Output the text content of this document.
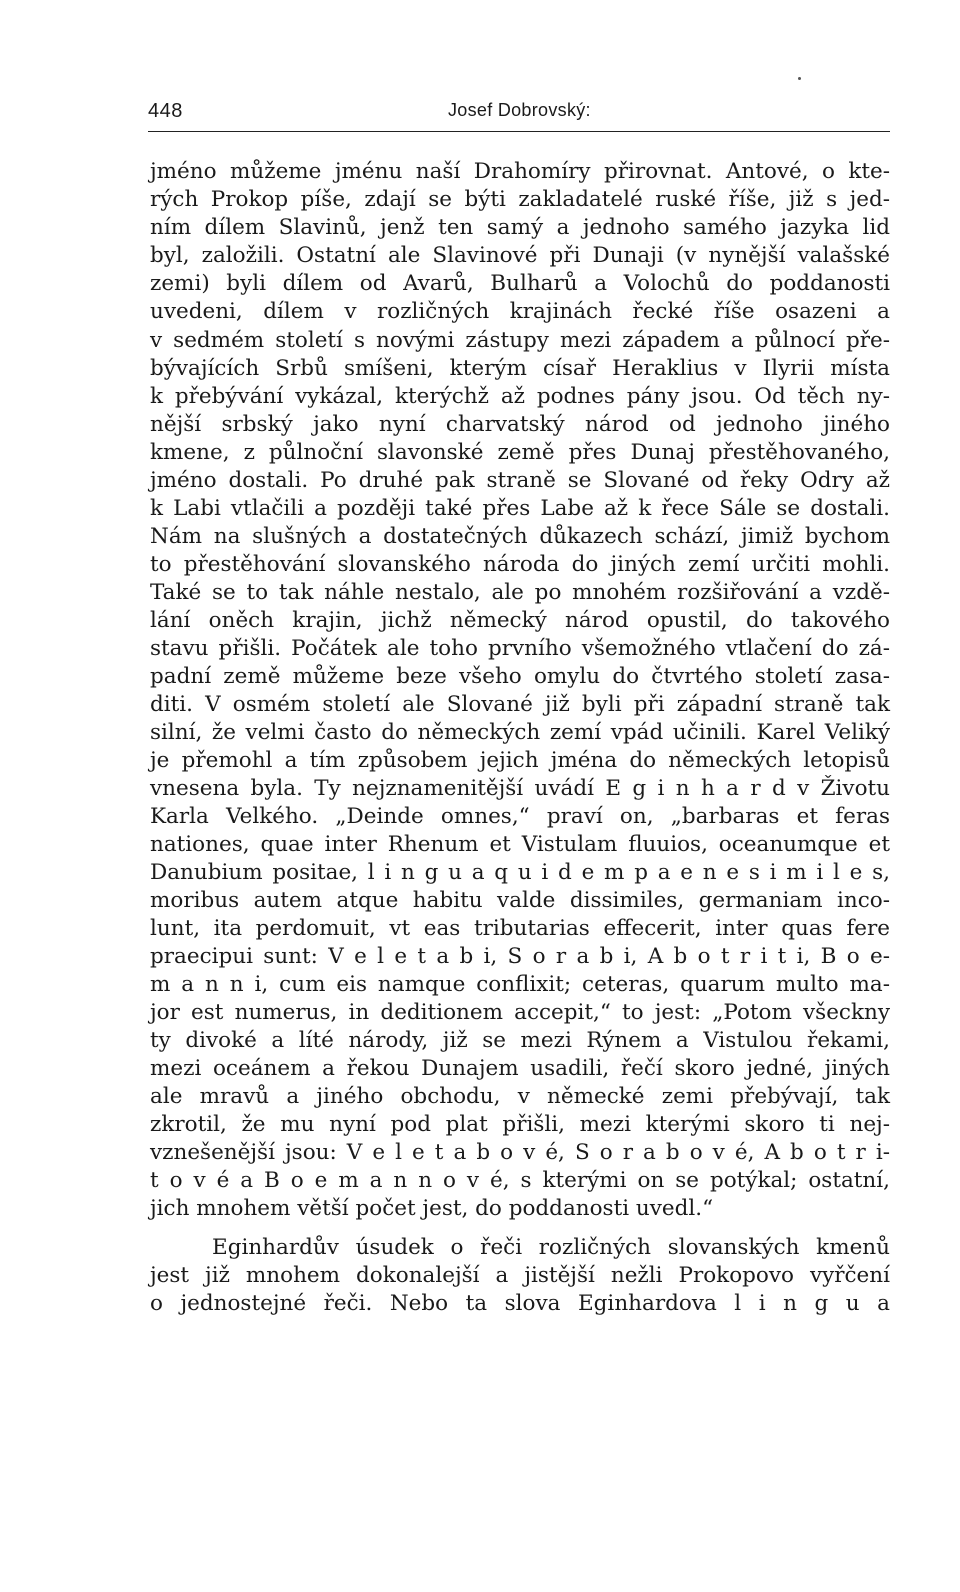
448	Josef Dobrovský:
jméno můžeme jménu naší Drahomíry přirovnat. Antové, o kte-
rých Prokop píše, zdají se býti zakladatelé ruské říše, již s jed-
ním dílem Slavinů, jenž ten samý a jednoho samého jazyka lid
byl, založili. Ostatní ale Slavinové při Dunaji (v nynější valašské
zemi) byli dílem od Avarů, Bulharů a Volochů do poddanosti
uvedeni, dílem v rozličných krajinách řecké říše osazeni a
v sedmém století s novými zástupy mezi západem a půlnocí pře-
bývajících Srbů smíšeni, kterým císař Heraklius v Ilyrii místa
k přebývání vykázal, kterýchž až podnes pány jsou. Od těch ny-
nější srbský jako nyní charvatský národ od jednoho jiného
kmene, z půlnoční slavonské země přes Dunaj přestěhovaného,
jméno dostali. Po druhé pak straně se Slované od řeky Odry až
k Labi vtlačili a později také přes Labe až k řece Sále se dostali.
Nám na slušných a dostatečných důkazech schází, jimiž bychom
to přestěhování slovanského národa do jiných zemí určiti mohli.
Také se to tak náhle nestalo, ale po mnohém rozšiřování a vzdě-
lání oněch krajin, jichž německý národ opustil, do takového
stavu přišli. Počátek ale toho prvního všemožného vtlačení do zá-
padní země můžeme beze všeho omylu do čtvrtého století zasa-
diti. V osmém století ale Slované již byli při západní straně tak
silní, že velmi často do německých zemí vpád učinili. Karel Veliký
je přemohl a tím způsobem jejich jména do německých letopisů
vnesena byla. Ty nejznamenitější uvádí E g i n h a r d v Životu
Karla Velkého. „Deinde omnes,“ praví on, „barbaras et feras
nationes, quae inter Rhenum et Vistulam fluuios, oceanumque et
Danubium positae, l i n g u a q u i d e m p a e n e s i m i l e s,
moribus autem atque habitu valde dissimiles, germaniam inco-
lunt, ita perdomuit, vt eas tributarias effecerit, inter quas fere
praecipui sunt: V e l e t a b i, S o r a b i, A b o t r i t i, B o e-
m a n n i, cum eis namque conflixit; ceteras, quarum multo ma-
jor est numerus, in deditionem accepit,“ to jest: „Potom všeckny
ty divoké a líté národy, již se mezi Rýnem a Vistulou řekami,
mezi oceánem a řekou Dunajem usadili, řečí skoro jedné, jiných
ale mravů a jiného obchodu, v německé zemi přebývají, tak
zkrotil, že mu nyní pod plat přišli, mezi kterými skoro ti nej-
vznešenější jsou: V e l e t a b o v é, S o r a b o v é, A b o t r i-
t o v é a B o e m a n n o v é, s kterými on se potýkal; ostatní,
jich mnohem větší počet jest, do poddanosti uvedl.“
Eginhardův úsudek o řeči rozličných slovanských kmenů
jest již mnohem dokonalejší a jistější nežli Prokopovo vyřčení
o jednostejné řeči. Nebo ta slova Eginhardova l i n g u a
